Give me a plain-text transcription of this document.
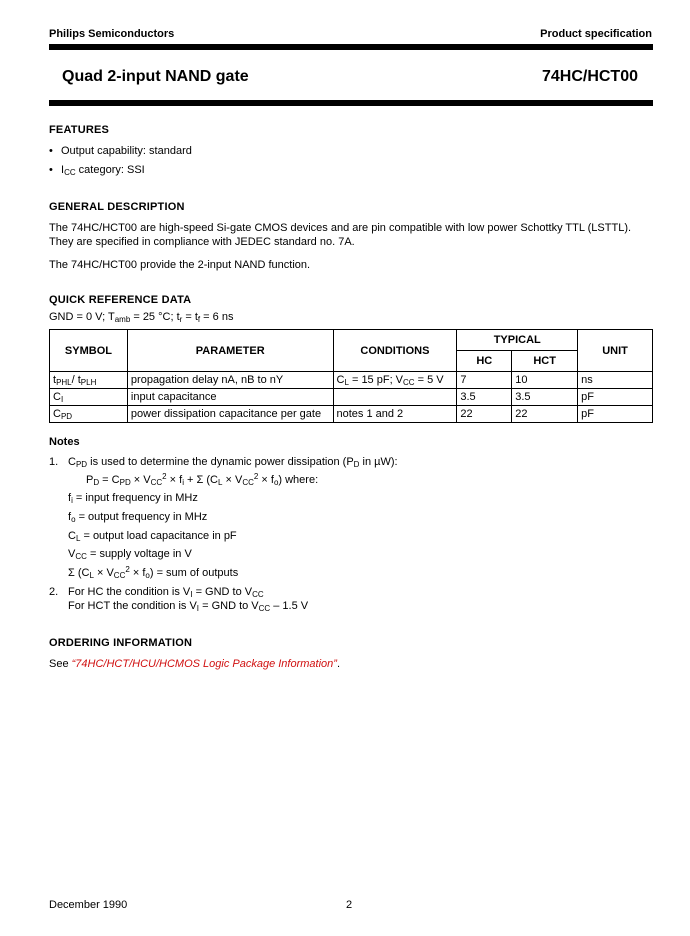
Philips Semiconductors	Product specification
Quad 2-input NAND gate	74HC/HCT00
FEATURES
• Output capability: standard
• $I_{CC}$ category: SSI
GENERAL DESCRIPTION
The 74HC/HCT00 are high-speed Si-gate CMOS devices and are pin compatible with low power Schottky TTL (LSTTL).
They are specified in compliance with JEDEC standard no. 7A.
The 74HC/HCT00 provide the 2-input NAND function.
QUICK REFERENCE DATA
GND = 0 V; $T_{amb} = 25$ °C; $t_r = t_f = 6$ ns
SYMBOL	PARAMETER	CONDITIONS	TYPICAL		UNIT
			HC	HCT	
$t_{PHL}/$ $t_{PLH}$	propagation delay nA, nB to nY	$C_L = 15$ pF; $V_{CC} = 5$ V	7	10	ns
$C_I$	input capacitance		3.5	3.5	pF
$C_{PD}$	power dissipation capacitance per gate	notes 1 and 2	22	22	pF
Notes
1. $C_{PD}$ is used to determine the dynamic power dissipation ($P_D$ in µW):
$P_D = C_{PD} \times V_{CC}^2 \times f_i + \Sigma$ $(C_L \times V_{CC}^2 \times f_o)$ where:
$f_i$ = input frequency in MHz
$f_o$ = output frequency in MHz
$C_L$ = output load capacitance in pF
$V_{CC}$ = supply voltage in V
Σ $(C_L \times V_{CC}^2 \times f_o)$ = sum of outputs
2. For HC the condition is $V_I$ = GND to $V_{CC}$
For HCT the condition is $V_I$ = GND to $V_{CC} - 1.5$ V
ORDERING INFORMATION
See “74HC/HCT/HCU/HCMOS Logic Package Information”.
December 1990	2
